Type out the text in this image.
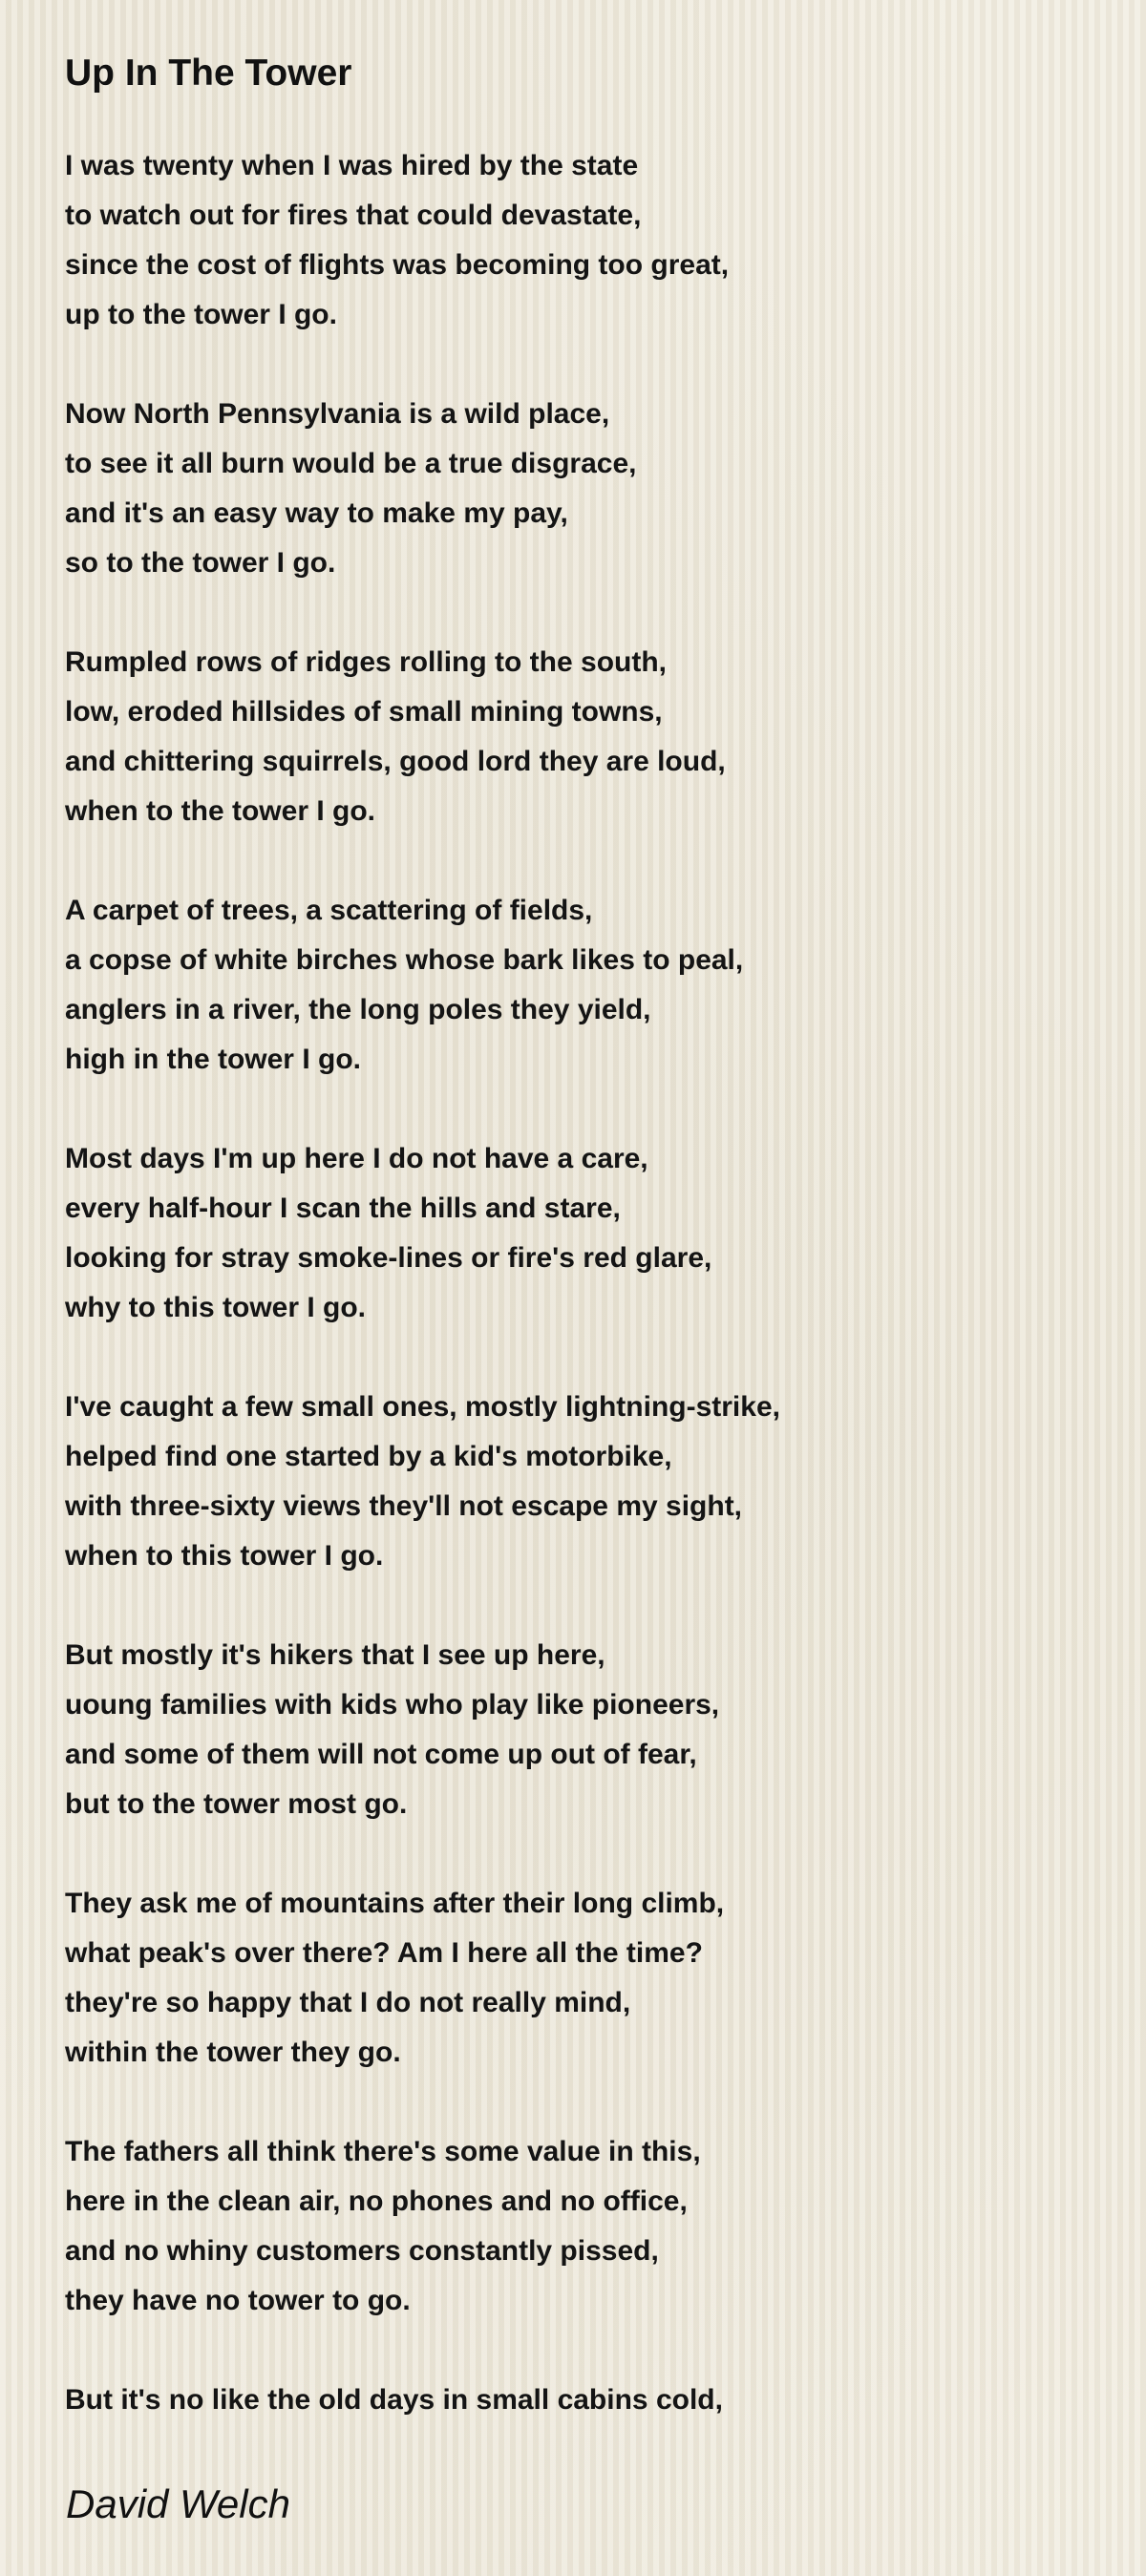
Up In The Tower
I was twenty when I was hired by the state
to watch out for fires that could devastate,
since the cost of flights was becoming too great,
up to the tower I go.
Now North Pennsylvania is a wild place,
to see it all burn would be a true disgrace,
and it's an easy way to make my pay,
so to the tower I go.
Rumpled rows of ridges rolling to the south,
low, eroded hillsides of small mining towns,
and chittering squirrels, good lord they are loud,
when to the tower I go.
A carpet of trees, a scattering of fields,
a copse of white birches whose bark likes to peal,
anglers in a river, the long poles they yield,
high in the tower I go.
Most days I'm up here I do not have a care,
every half-hour I scan the hills and stare,
looking for stray smoke-lines or fire's red glare,
why to this tower I go.
I've caught a few small ones, mostly lightning-strike,
helped find one started by a kid's motorbike,
with three-sixty views they'll not escape my sight,
when to this tower I go.
But mostly it's hikers that I see up here,
uoung families with kids who play like pioneers,
and some of them will not come up out of fear,
but to the tower most go.
They ask me of mountains after their long climb,
what peak's over there? Am I here all the time?
they're so happy that I do not really mind,
within the tower they go.
The fathers all think there's some value in this,
here in the clean air, no phones and no office,
and no whiny customers constantly pissed,
they have no tower to go.
But it's no like the old days in small cabins cold,
David Welch
